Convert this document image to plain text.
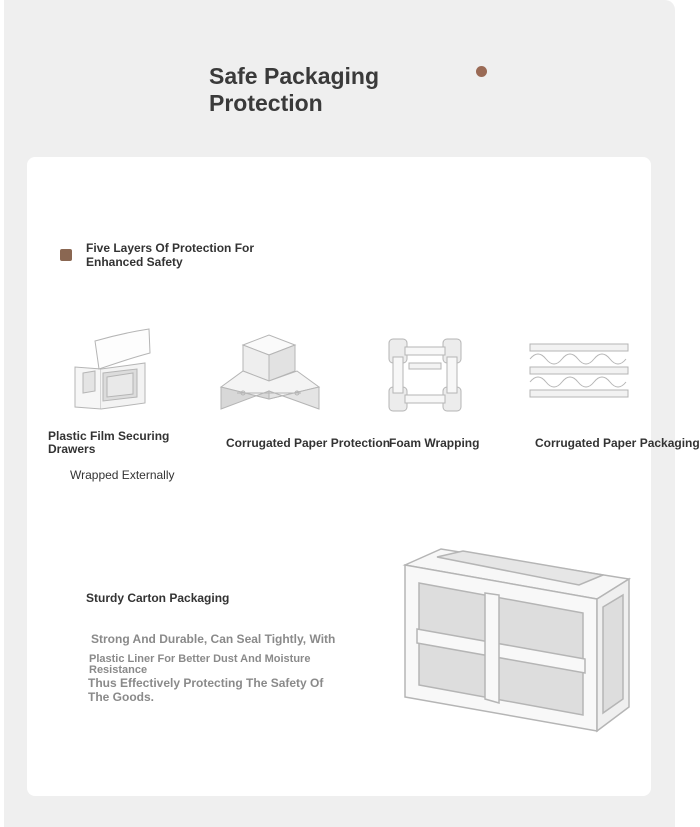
Safe Packaging Protection
Five Layers Of Protection For Enhanced Safety
Plastic Film Securing Drawers
Wrapped Externally
Corrugated Paper Protection
Foam Wrapping	Corrugated Paper Packaging
Sturdy Carton Packaging
Strong And Durable, Can Seal Tightly, With
Plastic Liner For Better Dust And Moisture
Resistance
Thus Effectively Protecting The Safety Of
The Goods.
